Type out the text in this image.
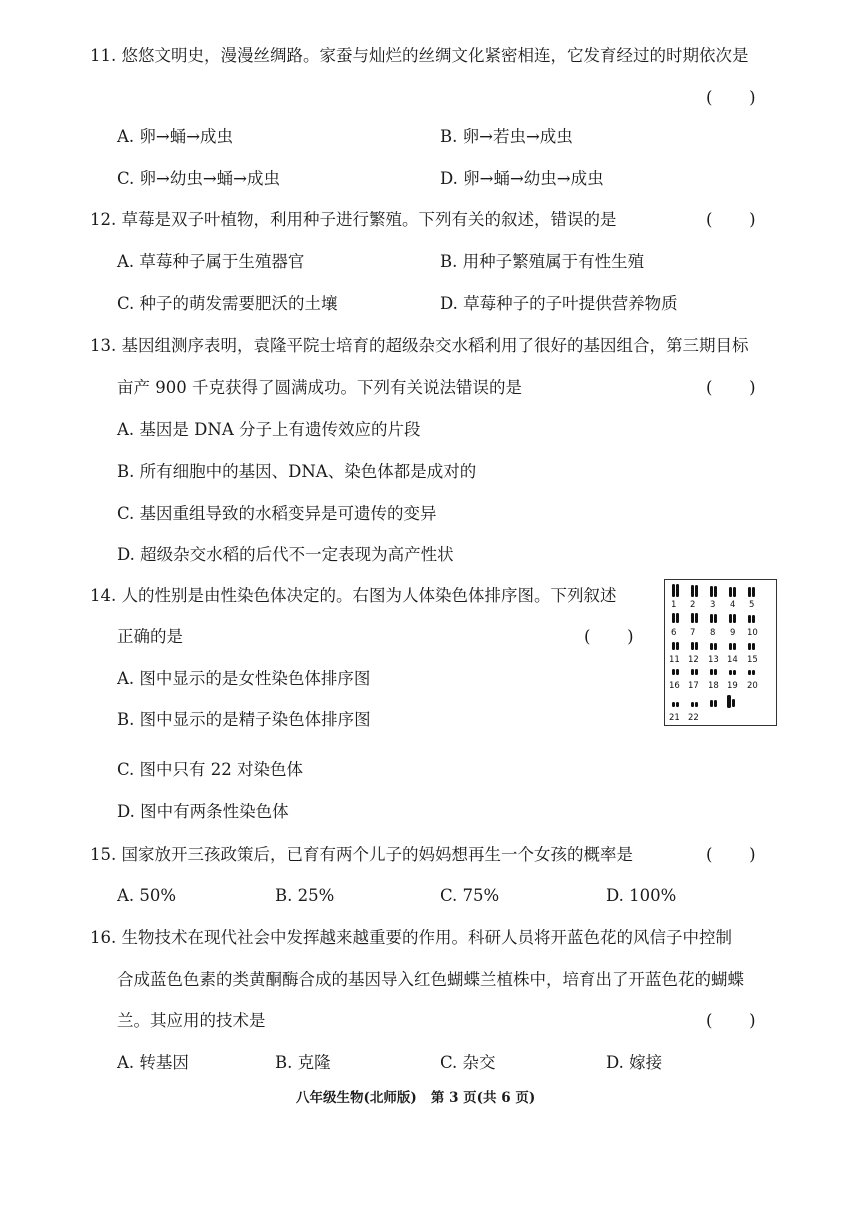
11. 悠悠文明史，漫漫丝绸路。家蚕与灿烂的丝绸文化紧密相连，它发育经过的时期依次是
(       )
A. 卵→蛹→成虫	B. 卵→若虫→成虫
C. 卵→幼虫→蛹→成虫	D. 卵→蛹→幼虫→成虫
12. 草莓是双子叶植物，利用种子进行繁殖。下列有关的叙述，错误的是	(       )
A. 草莓种子属于生殖器官	B. 用种子繁殖属于有性生殖
C. 种子的萌发需要肥沃的土壤	D. 草莓种子的子叶提供营养物质
13. 基因组测序表明，袁隆平院士培育的超级杂交水稻利用了很好的基因组合，第三期目标
亩产 900 千克获得了圆满成功。下列有关说法错误的是	(       )
A. 基因是 DNA 分子上有遗传效应的片段
B. 所有细胞中的基因、DNA、染色体都是成对的
C. 基因重组导致的水稻变异是可遗传的变异
D. 超级杂交水稻的后代不一定表现为高产性状
14. 人的性别是由性染色体决定的。右图为人体染色体排序图。下列叙述
正确的是	(       )
A. 图中显示的是女性染色体排序图
B. 图中显示的是精子染色体排序图
C. 图中只有 22 对染色体
D. 图中有两条性染色体
1 2 3 4 5
6 7 8 9 10
11 12 13 14 15
16 17 18 19 20
21 22
15. 国家放开三孩政策后，已育有两个儿子的妈妈想再生一个女孩的概率是	(       )
A. 50%	B. 25%	C. 75%	D. 100%
16. 生物技术在现代社会中发挥越来越重要的作用。科研人员将开蓝色花的风信子中控制
合成蓝色色素的类黄酮酶合成的基因导入红色蝴蝶兰植株中，培育出了开蓝色花的蝴蝶
兰。其应用的技术是	(       )
A. 转基因	B. 克隆	C. 杂交	D. 嫁接
八年级生物(北师版)   第 3 页(共 6 页)
